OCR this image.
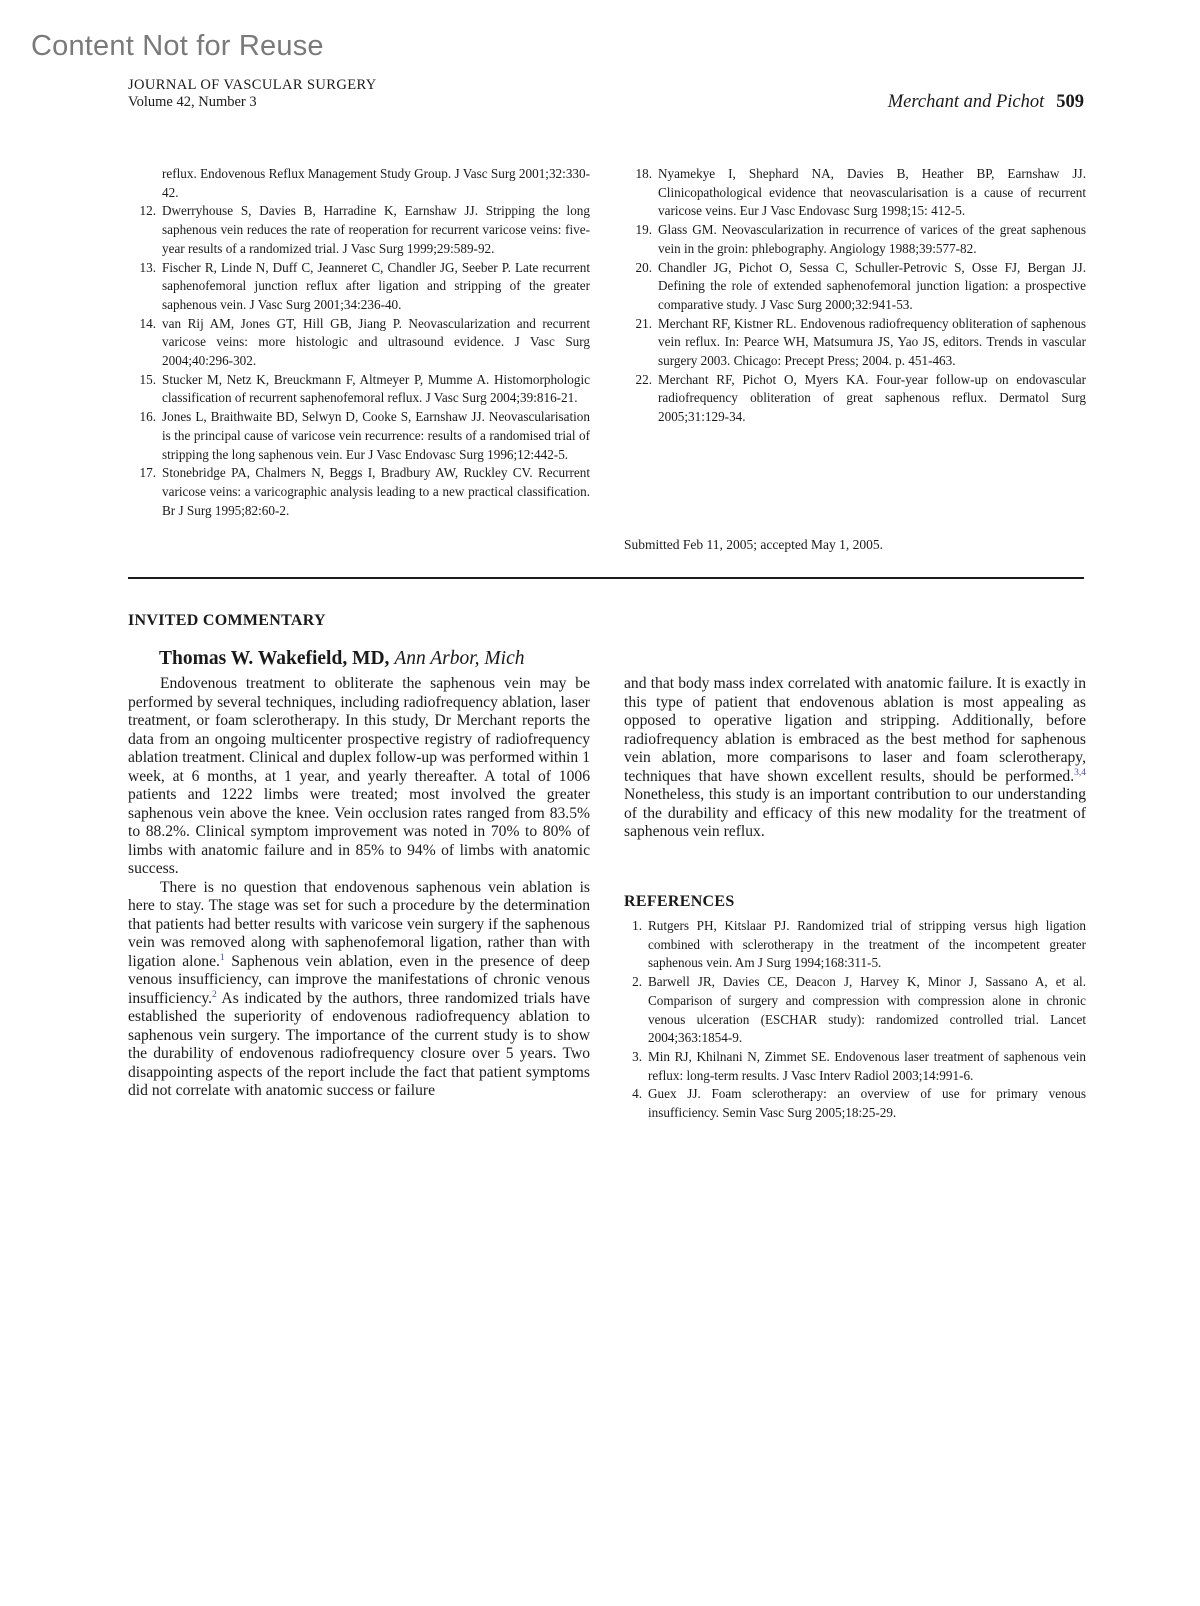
Content Not for Reuse
JOURNAL OF VASCULAR SURGERY
Volume 42, Number 3	Merchant and Pichot 509
reflux. Endovenous Reflux Management Study Group. J Vasc Surg 2001;32:330-42.
12. Dwerryhouse S, Davies B, Harradine K, Earnshaw JJ. Stripping the long saphenous vein reduces the rate of reoperation for recurrent varicose veins: five-year results of a randomized trial. J Vasc Surg 1999;29:589-92.
13. Fischer R, Linde N, Duff C, Jeanneret C, Chandler JG, Seeber P. Late recurrent saphenofemoral junction reflux after ligation and stripping of the greater saphenous vein. J Vasc Surg 2001;34:236-40.
14. van Rij AM, Jones GT, Hill GB, Jiang P. Neovascularization and recurrent varicose veins: more histologic and ultrasound evidence. J Vasc Surg 2004;40:296-302.
15. Stucker M, Netz K, Breuckmann F, Altmeyer P, Mumme A. Histomorphologic classification of recurrent saphenofemoral reflux. J Vasc Surg 2004;39:816-21.
16. Jones L, Braithwaite BD, Selwyn D, Cooke S, Earnshaw JJ. Neovascularisation is the principal cause of varicose vein recurrence: results of a randomised trial of stripping the long saphenous vein. Eur J Vasc Endovasc Surg 1996;12:442-5.
17. Stonebridge PA, Chalmers N, Beggs I, Bradbury AW, Ruckley CV. Recurrent varicose veins: a varicographic analysis leading to a new practical classification. Br J Surg 1995;82:60-2.
18. Nyamekye I, Shephard NA, Davies B, Heather BP, Earnshaw JJ. Clinicopathological evidence that neovascularisation is a cause of recurrent varicose veins. Eur J Vasc Endovasc Surg 1998;15: 412-5.
19. Glass GM. Neovascularization in recurrence of varices of the great saphenous vein in the groin: phlebography. Angiology 1988;39:577-82.
20. Chandler JG, Pichot O, Sessa C, Schuller-Petrovic S, Osse FJ, Bergan JJ. Defining the role of extended saphenofemoral junction ligation: a prospective comparative study. J Vasc Surg 2000;32:941-53.
21. Merchant RF, Kistner RL. Endovenous radiofrequency obliteration of saphenous vein reflux. In: Pearce WH, Matsumura JS, Yao JS, editors. Trends in vascular surgery 2003. Chicago: Precept Press; 2004. p. 451-463.
22. Merchant RF, Pichot O, Myers KA. Four-year follow-up on endovascular radiofrequency obliteration of great saphenous reflux. Dermatol Surg 2005;31:129-34.
Submitted Feb 11, 2005; accepted May 1, 2005.
INVITED COMMENTARY
Thomas W. Wakefield, MD, Ann Arbor, Mich

Endovenous treatment to obliterate the saphenous vein may be performed by several techniques, including radiofrequency ablation, laser treatment, or foam sclerotherapy. In this study, Dr Merchant reports the data from an ongoing multicenter prospective registry of radiofrequency ablation treatment. Clinical and duplex follow-up was performed within 1 week, at 6 months, at 1 year, and yearly thereafter. A total of 1006 patients and 1222 limbs were treated; most involved the greater saphenous vein above the knee. Vein occlusion rates ranged from 83.5% to 88.2%. Clinical symptom improvement was noted in 70% to 80% of limbs with anatomic failure and in 85% to 94% of limbs with anatomic success.

There is no question that endovenous saphenous vein ablation is here to stay. The stage was set for such a procedure by the determination that patients had better results with varicose vein surgery if the saphenous vein was removed along with saphenofemoral ligation, rather than with ligation alone.$^1$ Saphenous vein ablation, even in the presence of deep venous insufficiency, can improve the manifestations of chronic venous insufficiency.$^2$ As indicated by the authors, three randomized trials have established the superiority of endovenous radiofrequency ablation to saphenous vein surgery. The importance of the current study is to show the durability of endovenous radiofrequency closure over 5 years. Two disappointing aspects of the report include the fact that patient symptoms did not correlate with anatomic success or failure

and that body mass index correlated with anatomic failure. It is exactly in this type of patient that endovenous ablation is most appealing as opposed to operative ligation and stripping. Additionally, before radiofrequency ablation is embraced as the best method for saphenous vein ablation, more comparisons to laser and foam sclerotherapy, techniques that have shown excellent results, should be performed.$^{3,4}$ Nonetheless, this study is an important contribution to our understanding of the durability and efficacy of this new modality for the treatment of saphenous vein reflux.

REFERENCES
1. Rutgers PH, Kitslaar PJ. Randomized trial of stripping versus high ligation combined with sclerotherapy in the treatment of the incompetent greater saphenous vein. Am J Surg 1994;168:311-5.
2. Barwell JR, Davies CE, Deacon J, Harvey K, Minor J, Sassano A, et al. Comparison of surgery and compression with compression alone in chronic venous ulceration (ESCHAR study): randomized controlled trial. Lancet 2004;363:1854-9.
3. Min RJ, Khilnani N, Zimmet SE. Endovenous laser treatment of saphenous vein reflux: long-term results. J Vasc Interv Radiol 2003;14:991-6.
4. Guex JJ. Foam sclerotherapy: an overview of use for primary venous insufficiency. Semin Vasc Surg 2005;18:25-29.
